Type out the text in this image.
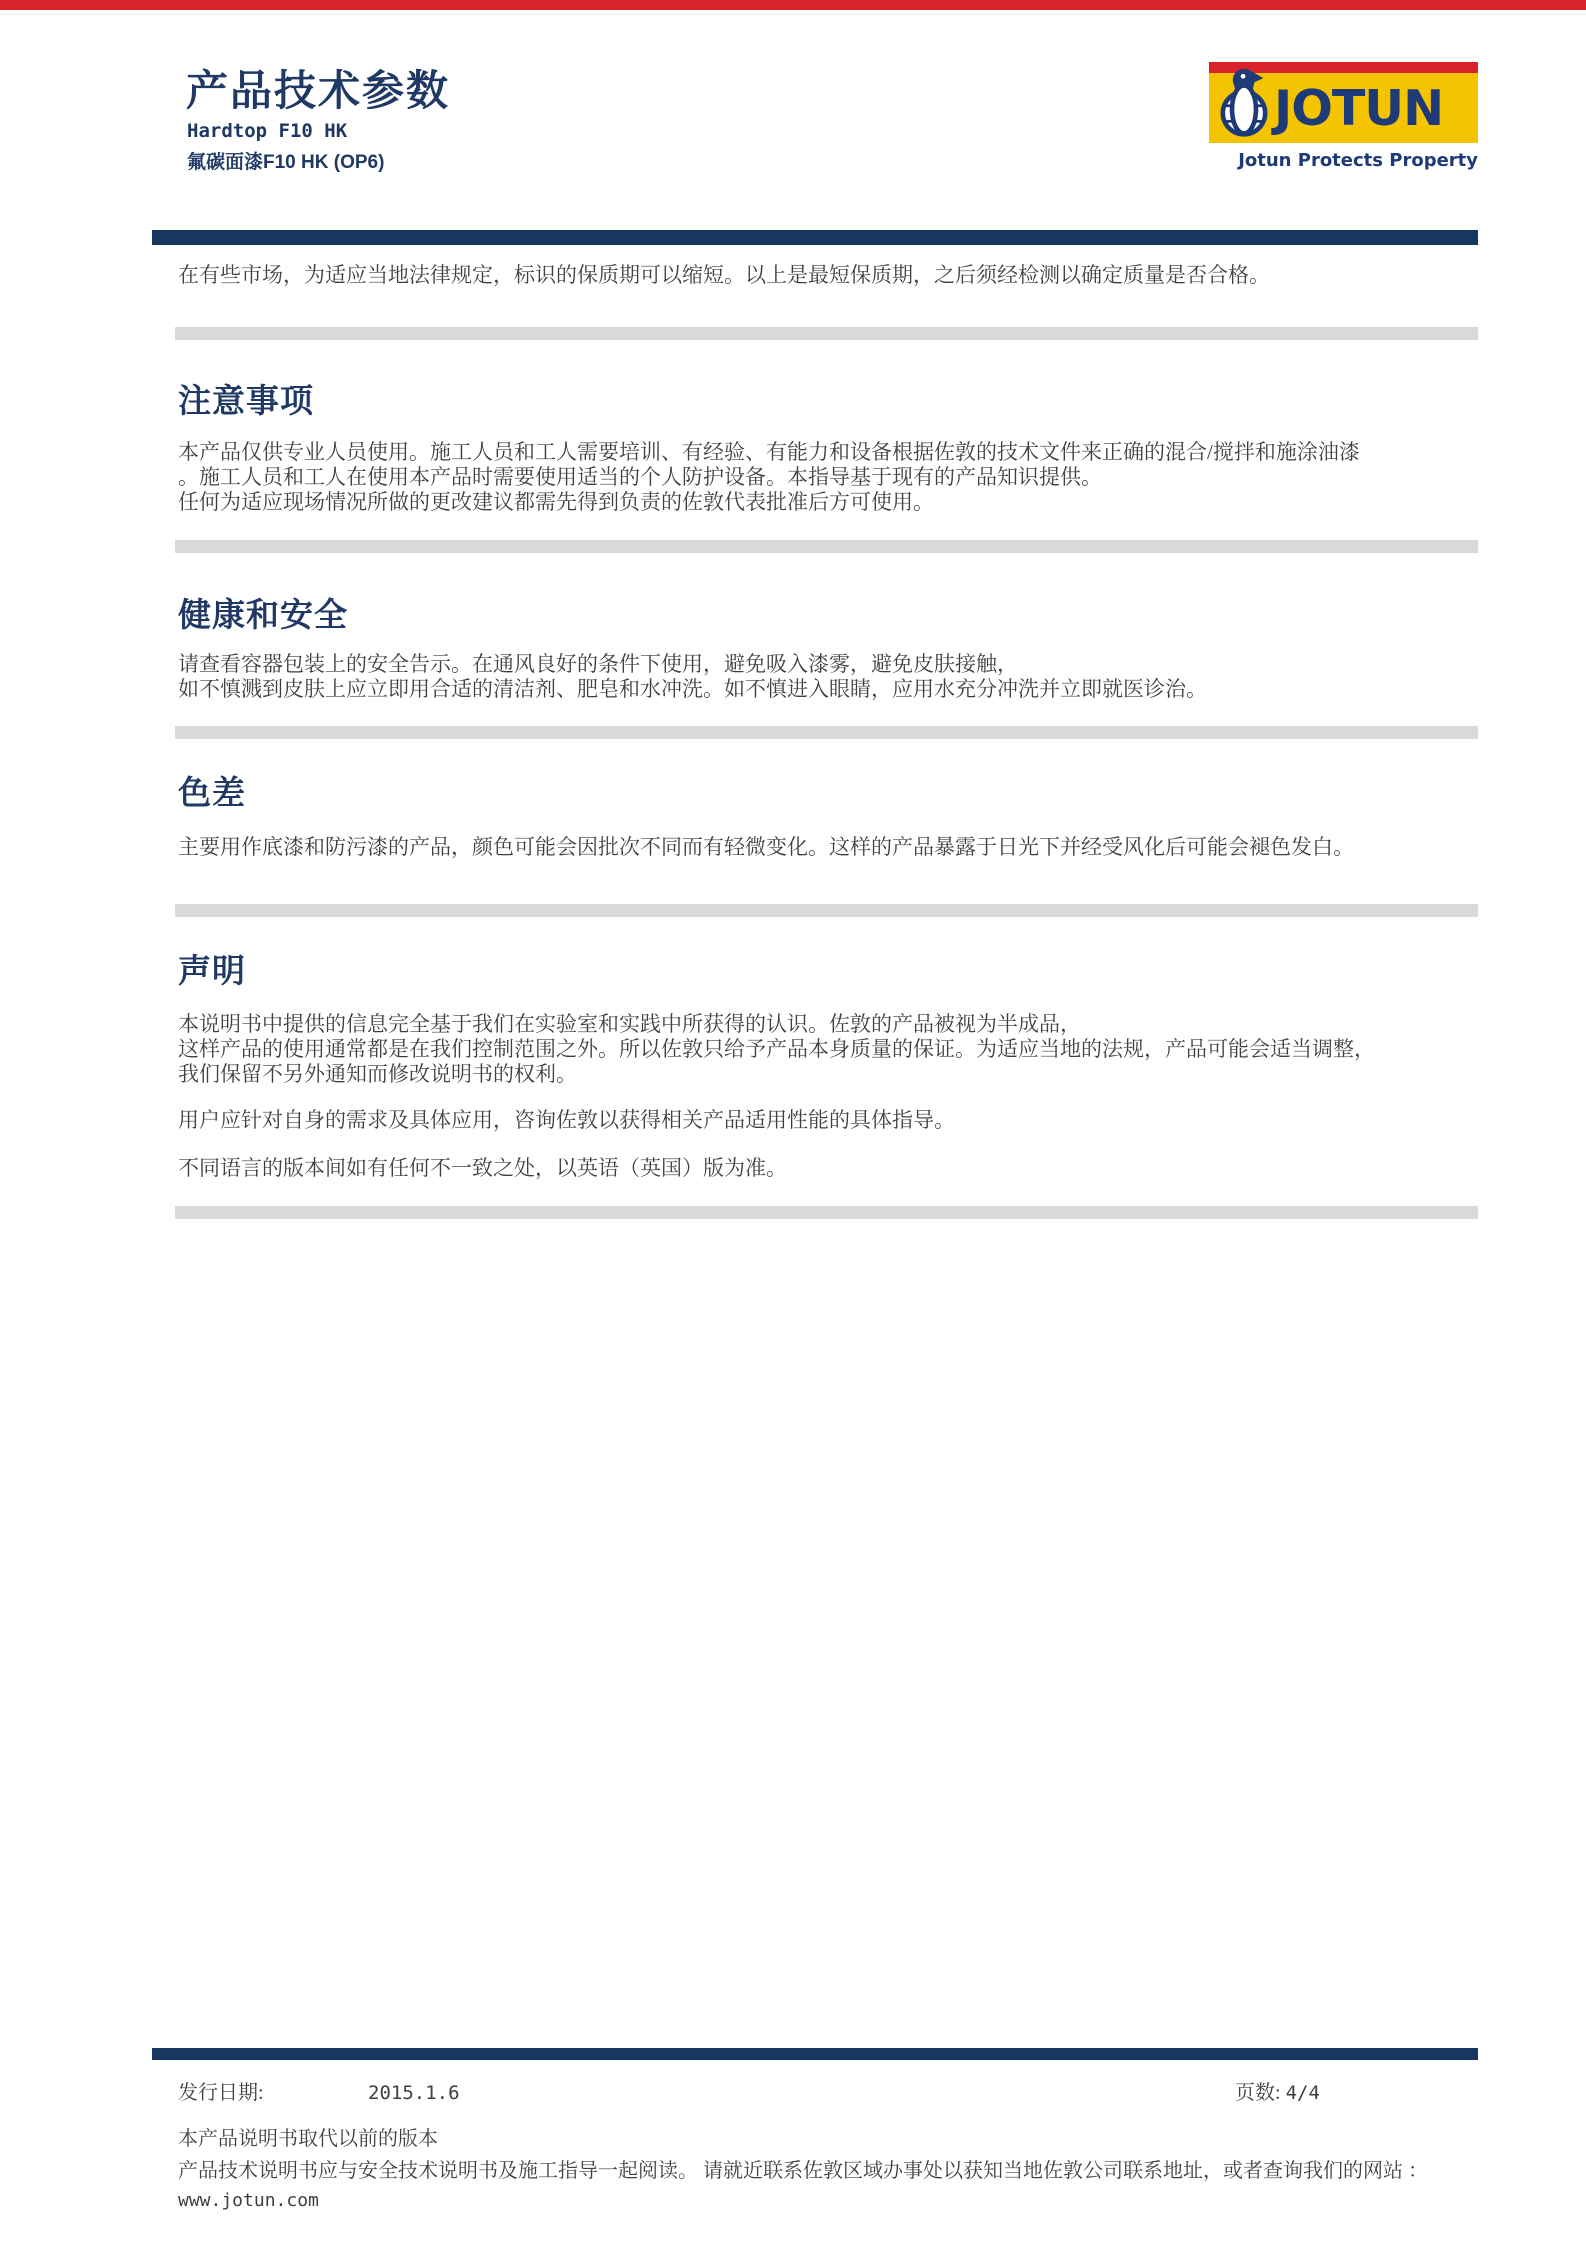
产品技术参数
Hardtop F10 HK
氟碳面漆F10 HK (OP6)
JOTUN
Jotun Protects Property
在有些市场，为适应当地法律规定，标识的保质期可以缩短。以上是最短保质期，之后须经检测以确定质量是否合格。
注意事项
本产品仅供专业人员使用。施工人员和工人需要培训、有经验、有能力和设备根据佐敦的技术文件来正确的混合/搅拌和施涂油漆
。施工人员和工人在使用本产品时需要使用适当的个人防护设备。本指导基于现有的产品知识提供。
任何为适应现场情况所做的更改建议都需先得到负责的佐敦代表批准后方可使用。
健康和安全
请查看容器包装上的安全告示。在通风良好的条件下使用，避免吸入漆雾，避免皮肤接触，
如不慎溅到皮肤上应立即用合适的清洁剂、肥皂和水冲洗。如不慎进入眼睛，应用水充分冲洗并立即就医诊治。
色差
主要用作底漆和防污漆的产品，颜色可能会因批次不同而有轻微变化。这样的产品暴露于日光下并经受风化后可能会褪色发白。
声明
本说明书中提供的信息完全基于我们在实验室和实践中所获得的认识。佐敦的产品被视为半成品，
这样产品的使用通常都是在我们控制范围之外。所以佐敦只给予产品本身质量的保证。为适应当地的法规，产品可能会适当调整，
我们保留不另外通知而修改说明书的权利。
用户应针对自身的需求及具体应用，咨询佐敦以获得相关产品适用性能的具体指导。
不同语言的版本间如有任何不一致之处，以英语（英国）版为准。
发行日期:	2015.1.6	页数: 4/4
本产品说明书取代以前的版本
产品技术说明书应与安全技术说明书及施工指导一起阅读。 请就近联系佐敦区域办事处以获知当地佐敦公司联系地址，或者查询我们的网站 ：
www.jotun.com
